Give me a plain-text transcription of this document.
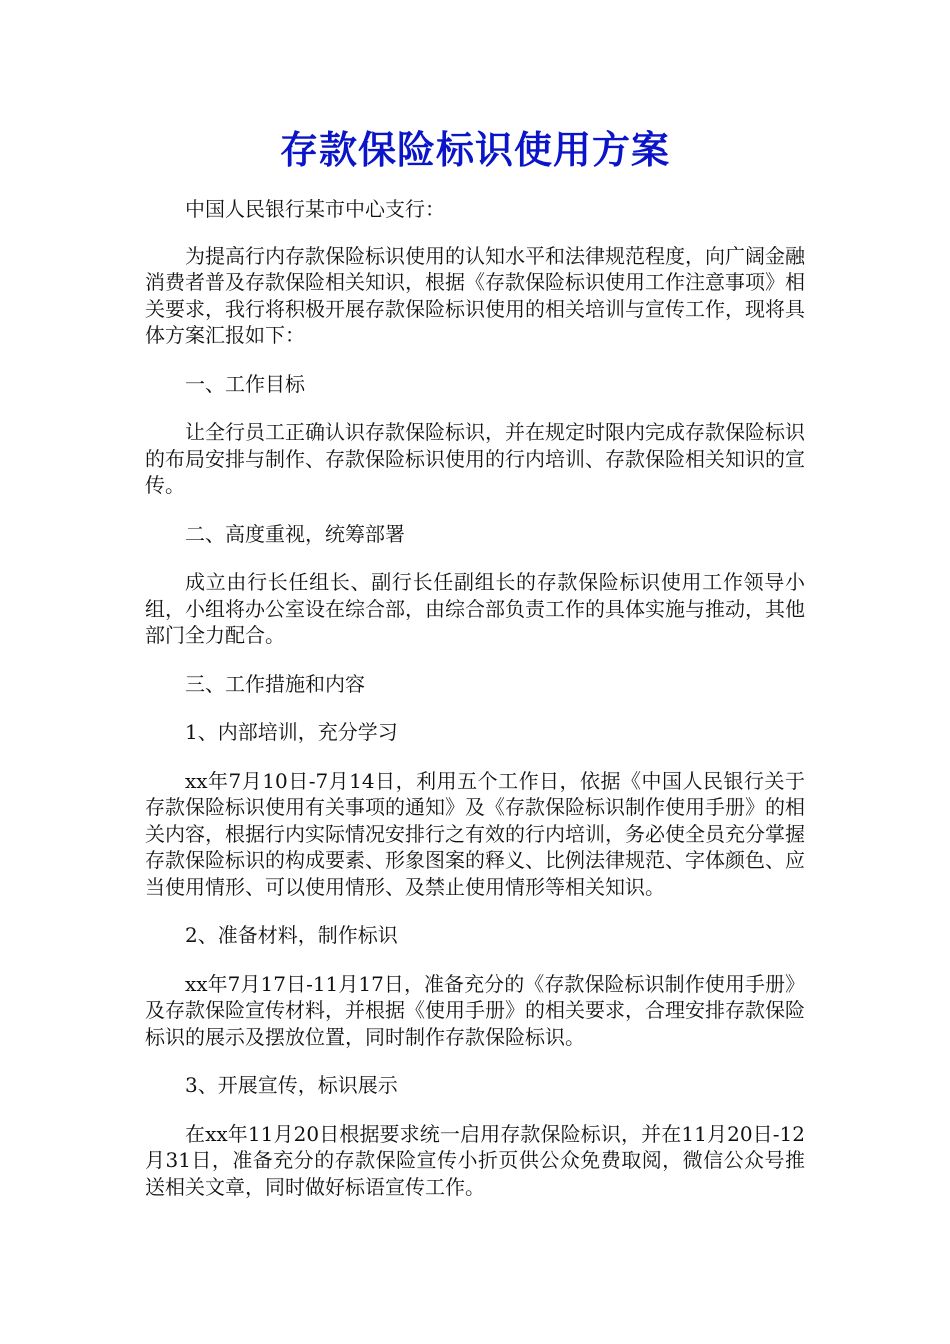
存款保险标识使用方案

中国人民银行某市中心支行：

为提高行内存款保险标识使用的认知水平和法律规范程度，向广阔金融消费者普及存款保险相关知识，根据《存款保险标识使用工作注意事项》相关要求，我行将积极开展存款保险标识使用的相关培训与宣传工作，现将具体方案汇报如下：

一、工作目标

让全行员工正确认识存款保险标识，并在规定时限内完成存款保险标识的布局安排与制作、存款保险标识使用的行内培训、存款保险相关知识的宣传。

二、高度重视，统筹部署

成立由行长任组长、副行长任副组长的存款保险标识使用工作领导小组，小组将办公室设在综合部，由综合部负责工作的具体实施与推动，其他部门全力配合。

三、工作措施和内容

1、内部培训，充分学习

xx年7月10日-7月14日，利用五个工作日，依据《中国人民银行关于存款保险标识使用有关事项的通知》及《存款保险标识制作使用手册》的相关内容，根据行内实际情况安排行之有效的行内培训，务必使全员充分掌握存款保险标识的构成要素、形象图案的释义、比例法律规范、字体颜色、应当使用情形、可以使用情形、及禁止使用情形等相关知识。

2、准备材料，制作标识

xx年7月17日-11月17日，准备充分的《存款保险标识制作使用手册》及存款保险宣传材料，并根据《使用手册》的相关要求，合理安排存款保险标识的展示及摆放位置，同时制作存款保险标识。

3、开展宣传，标识展示

在xx年11月20日根据要求统一启用存款保险标识，并在11月20日-12月31日，准备充分的存款保险宣传小折页供公众免费取阅，微信公众号推送相关文章，同时做好标语宣传工作。
